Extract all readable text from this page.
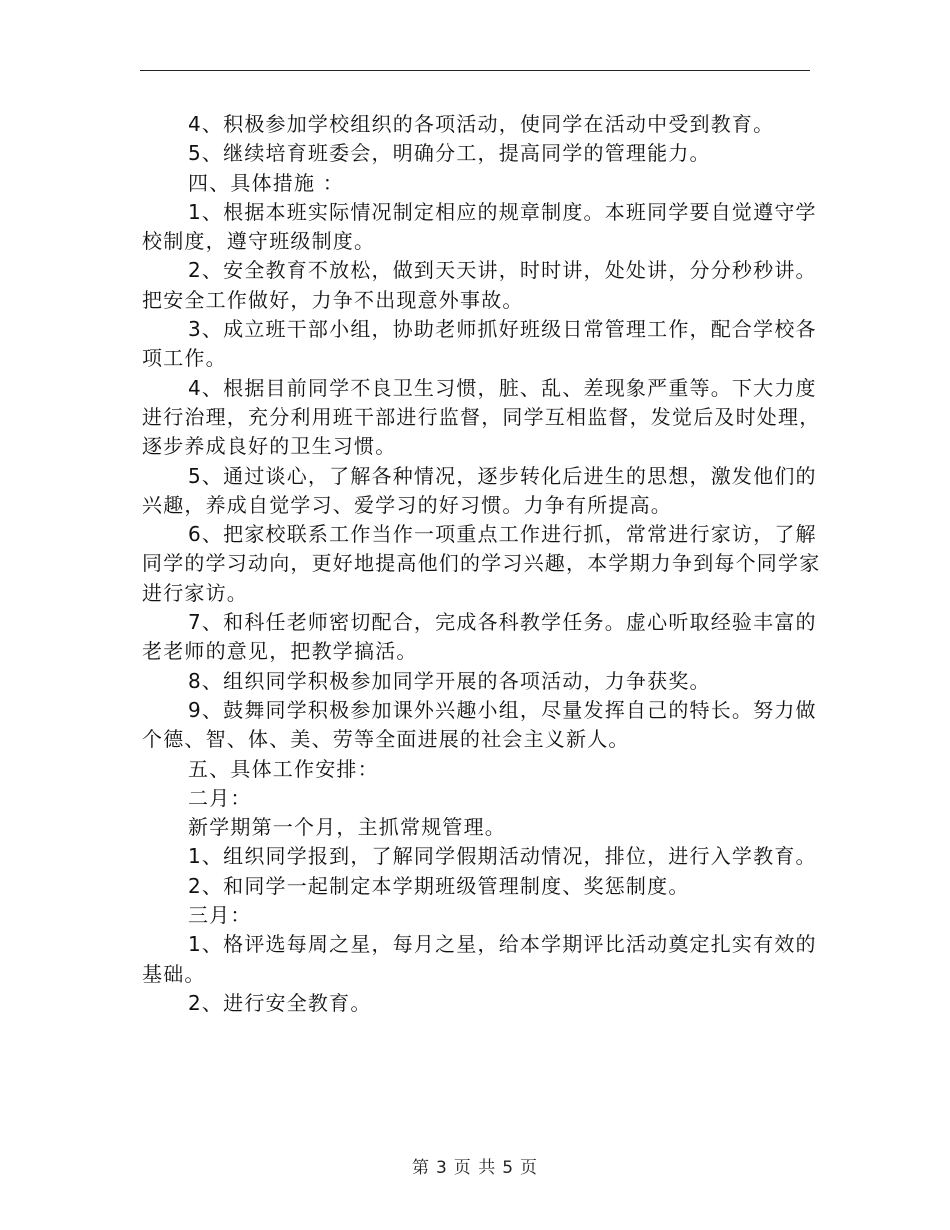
4、积极参加学校组织的各项活动，使同学在活动中受到教育。

5、继续培育班委会，明确分工，提高同学的管理能力。

四、具体措施 ：

1、根据本班实际情况制定相应的规章制度。本班同学要自觉遵守学校制度，遵守班级制度。

2、安全教育不放松，做到天天讲，时时讲，处处讲，分分秒秒讲。把安全工作做好，力争不出现意外事故。

3、成立班干部小组，协助老师抓好班级日常管理工作，配合学校各项工作。

4、根据目前同学不良卫生习惯，脏、乱、差现象严重等。下大力度进行治理，充分利用班干部进行监督，同学互相监督，发觉后及时处理，逐步养成良好的卫生习惯。

5、通过谈心，了解各种情况，逐步转化后进生的思想，激发他们的兴趣，养成自觉学习、爱学习的好习惯。力争有所提高。

6、把家校联系工作当作一项重点工作进行抓，常常进行家访，了解同学的学习动向，更好地提高他们的学习兴趣，本学期力争到每个同学家进行家访。

7、和科任老师密切配合，完成各科教学任务。虚心听取经验丰富的老老师的意见，把教学搞活。

8、组织同学积极参加同学开展的各项活动，力争获奖。

9、鼓舞同学积极参加课外兴趣小组，尽量发挥自己的特长。努力做个德、智、体、美、劳等全面进展的社会主义新人。

五、具体工作安排：

二月：

新学期第一个月，主抓常规管理。

1、组织同学报到，了解同学假期活动情况，排位，进行入学教育。

2、和同学一起制定本学期班级管理制度、奖惩制度。

三月：

1、格评选每周之星，每月之星，给本学期评比活动奠定扎实有效的基础。

2、进行安全教育。

第 3 页 共 5 页
